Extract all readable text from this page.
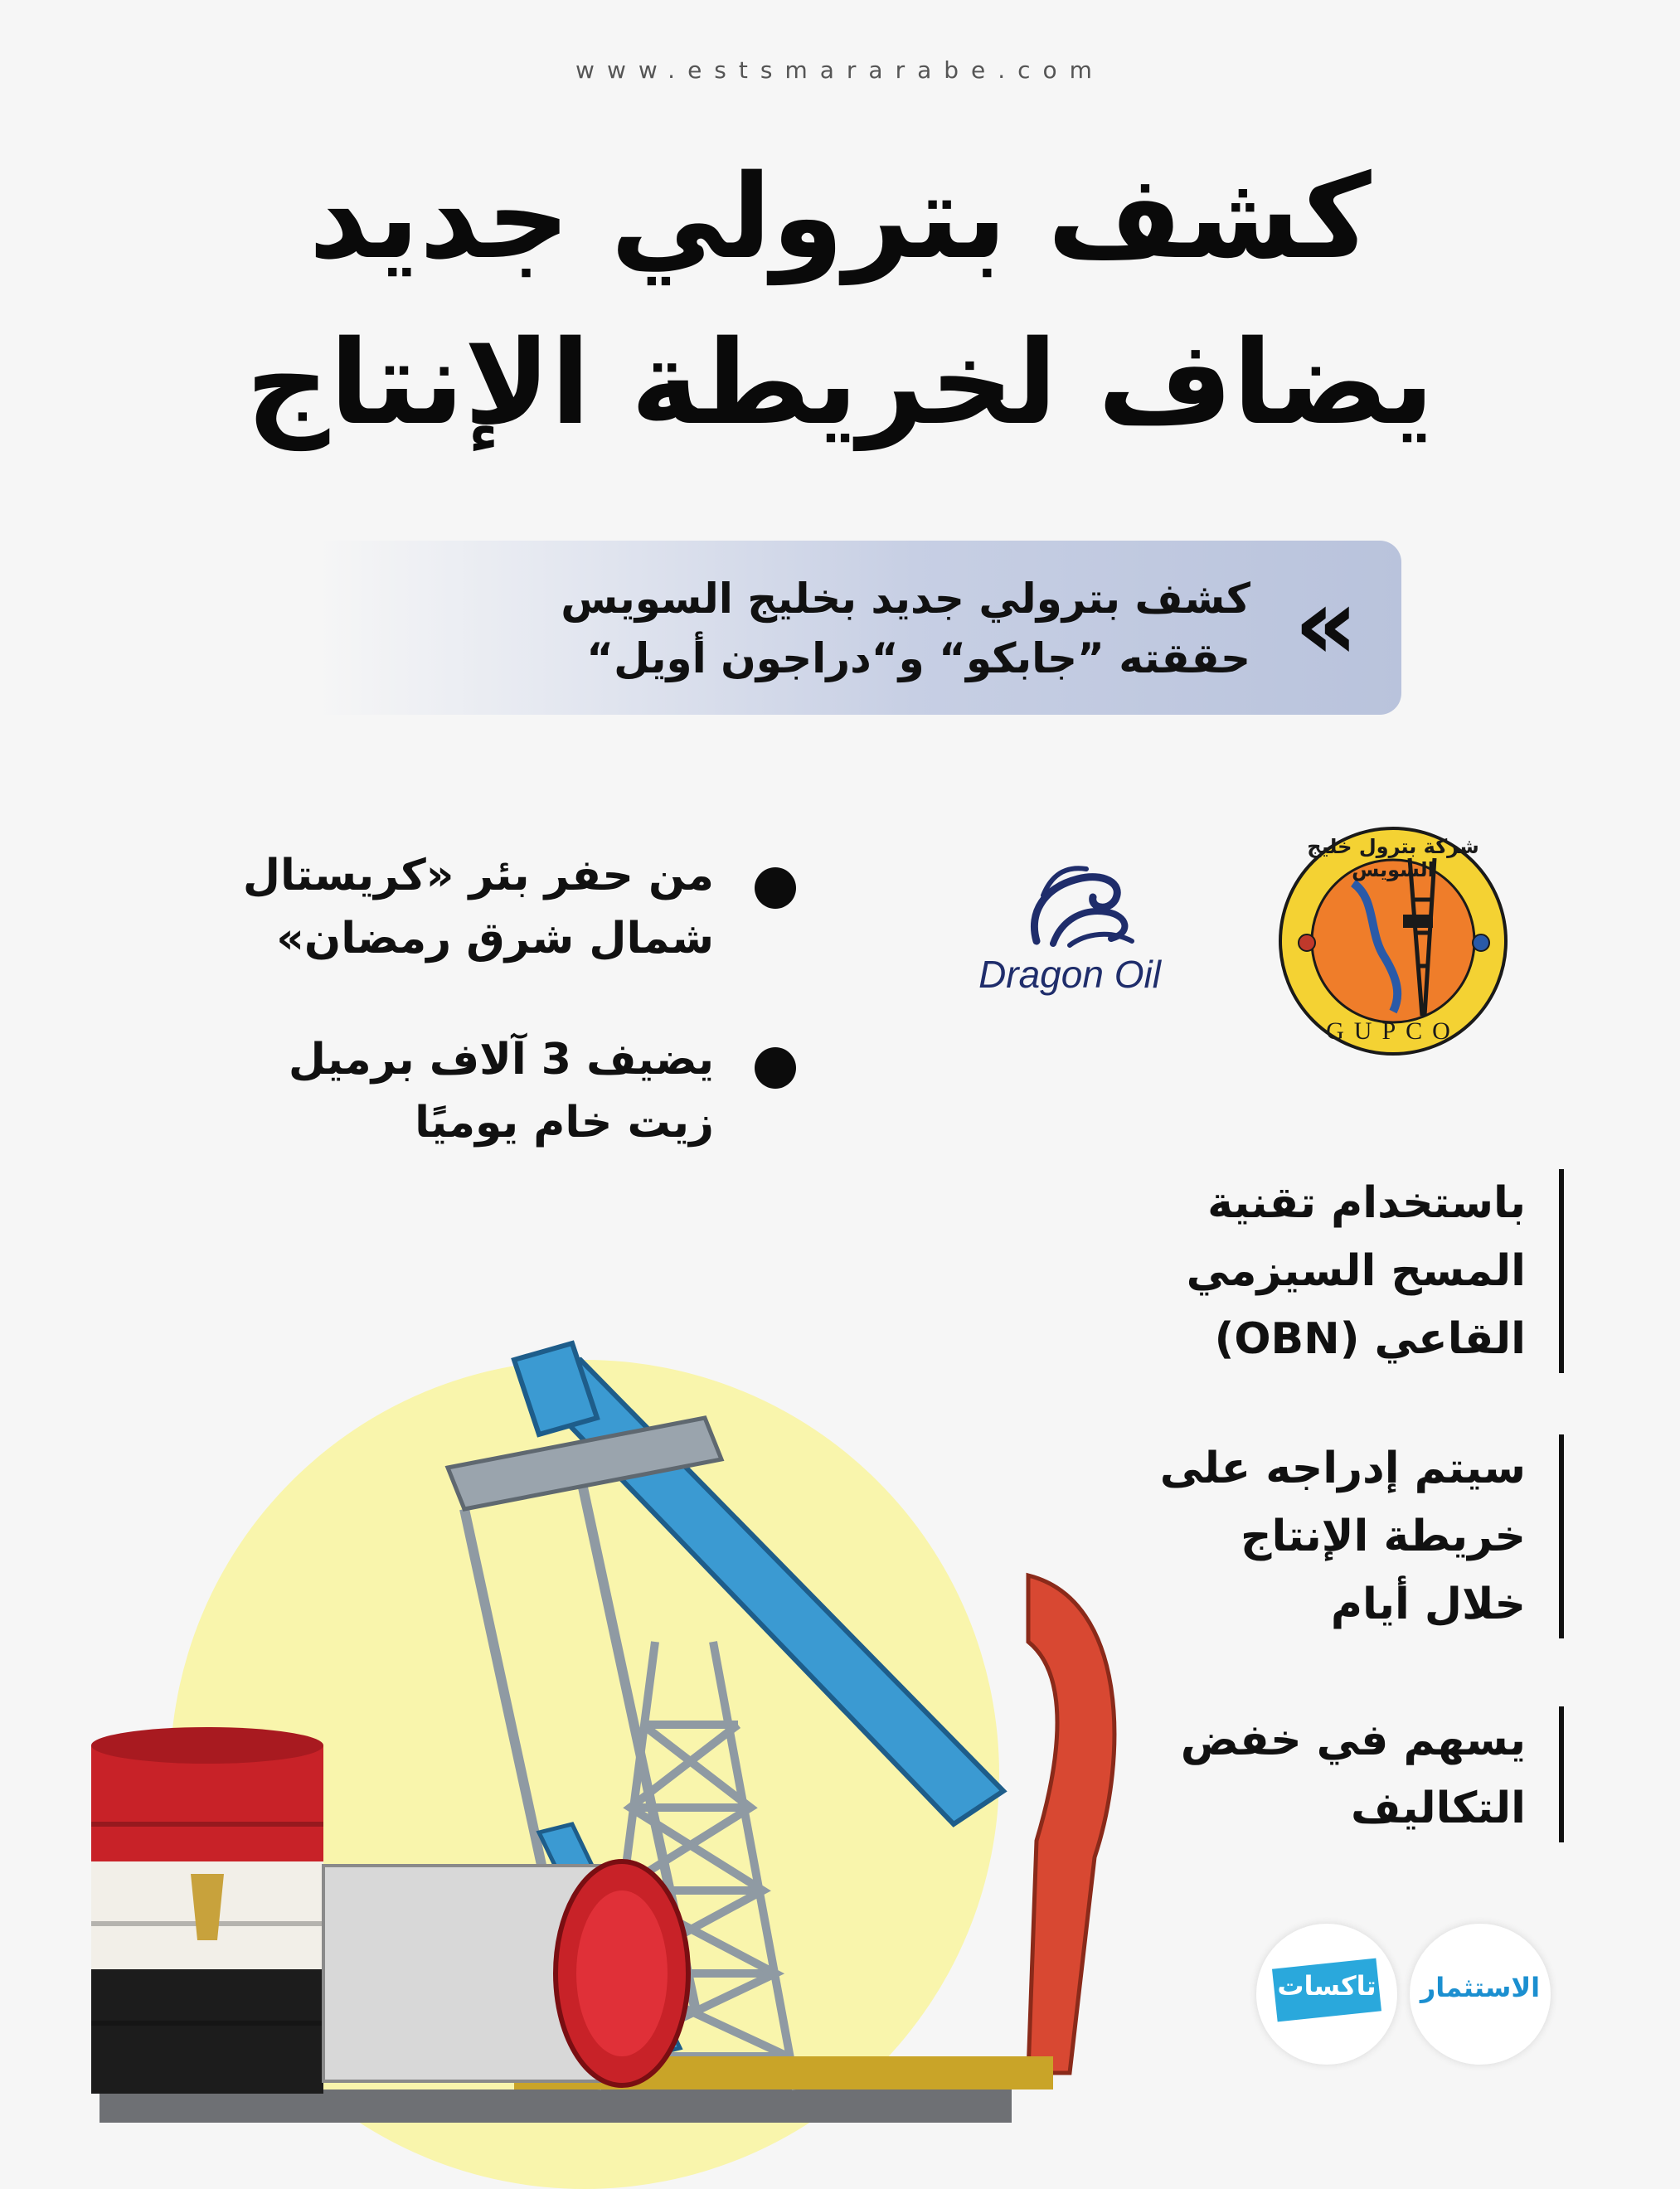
www.estsmararabe.com
كشف بترولي جديد
يضاف لخريطة الإنتاج
كشف بترولي جديد بخليج السويس
حققته ”جابكو“ و“دراجون أويل“ «
من حفر بئر «كريستال
شمال شرق رمضان»
يضيف 3 آلاف برميل
زيت خام يوميًا
Dragon Oil
شركة بترول خليج السويس
GUPCO
باستخدام تقنية
المسح السيزمي
القاعي (OBN)
سيتم إدراجه على
خريطة الإنتاج
خلال أيام
يسهم في خفض
التكاليف
الاستثمار
تاكسات
